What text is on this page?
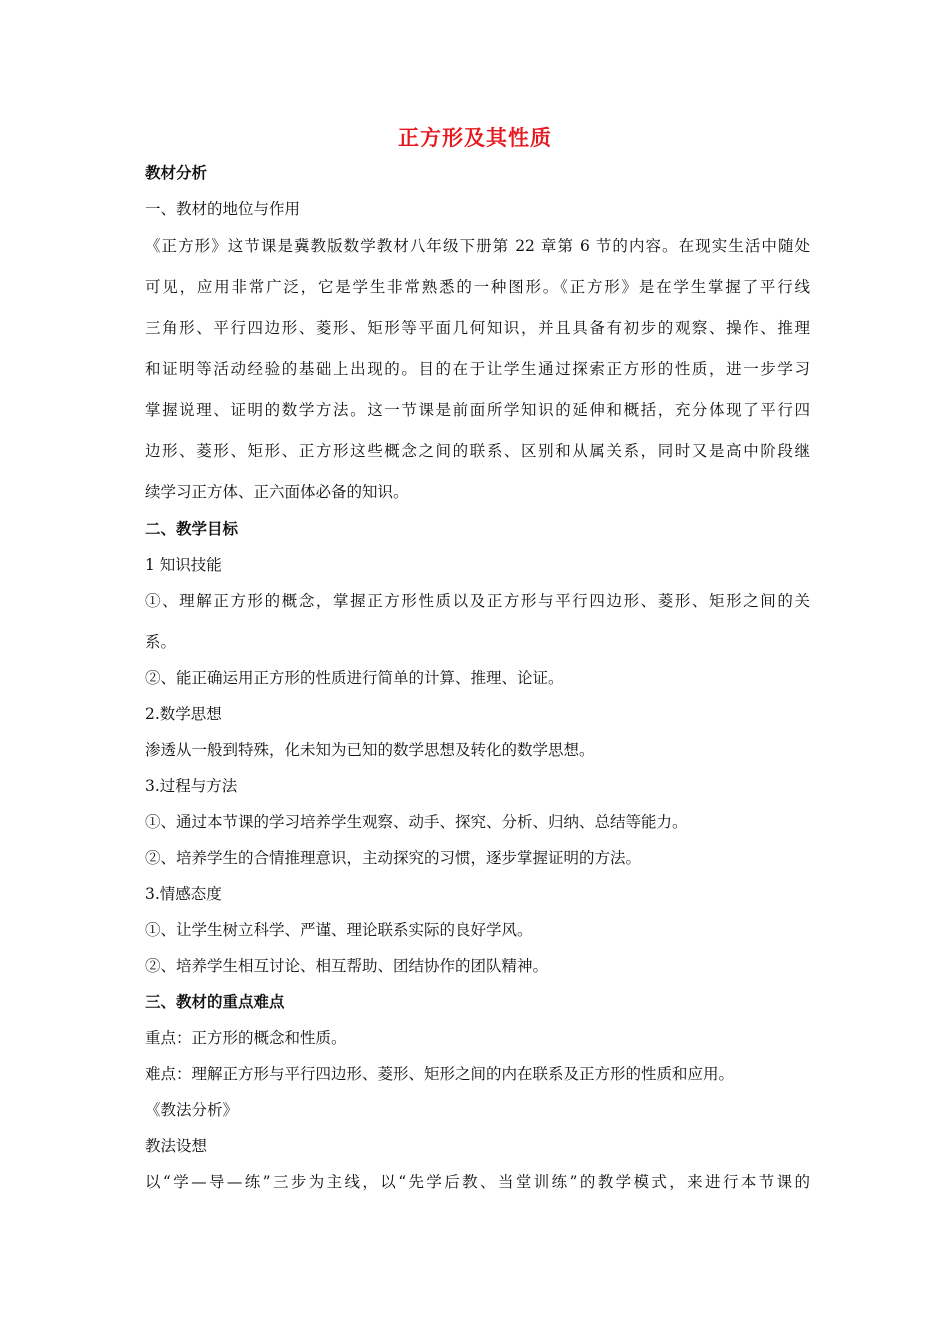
正方形及其性质
教材分析
一、教材的地位与作用
《正方形》这节课是冀教版数学教材八年级下册第 22 章第 6 节的内容。在现实生活中随处
可见，应用非常广泛，它是学生非常熟悉的一种图形。《正方形》是在学生掌握了平行线
三角形、平行四边形、菱形、矩形等平面几何知识，并且具备有初步的观察、操作、推理
和证明等活动经验的基础上出现的。目的在于让学生通过探索正方形的性质，进一步学习
掌握说理、证明的数学方法。这一节课是前面所学知识的延伸和概括，充分体现了平行四
边形、菱形、矩形、正方形这些概念之间的联系、区别和从属关系，同时又是高中阶段继
续学习正方体、正六面体必备的知识。
二、教学目标
1 知识技能
①、理解正方形的概念，掌握正方形性质以及正方形与平行四边形、菱形、矩形之间的关
系。
②、能正确运用正方形的性质进行简单的计算、推理、论证。
2.数学思想
渗透从一般到特殊，化未知为已知的数学思想及转化的数学思想。
3.过程与方法
①、通过本节课的学习培养学生观察、动手、探究、分析、归纳、总结等能力。
②、培养学生的合情推理意识，主动探究的习惯，逐步掌握证明的方法。
3.情感态度
①、让学生树立科学、严谨、理论联系实际的良好学风。
②、培养学生相互讨论、相互帮助、团结协作的团队精神。
三、教材的重点难点
重点：正方形的概念和性质。
难点：理解正方形与平行四边形、菱形、矩形之间的内在联系及正方形的性质和应用。
《教法分析》
教法设想
以“学—导—练”三步为主线，以“先学后教、当堂训练”的教学模式，来进行本节课的
